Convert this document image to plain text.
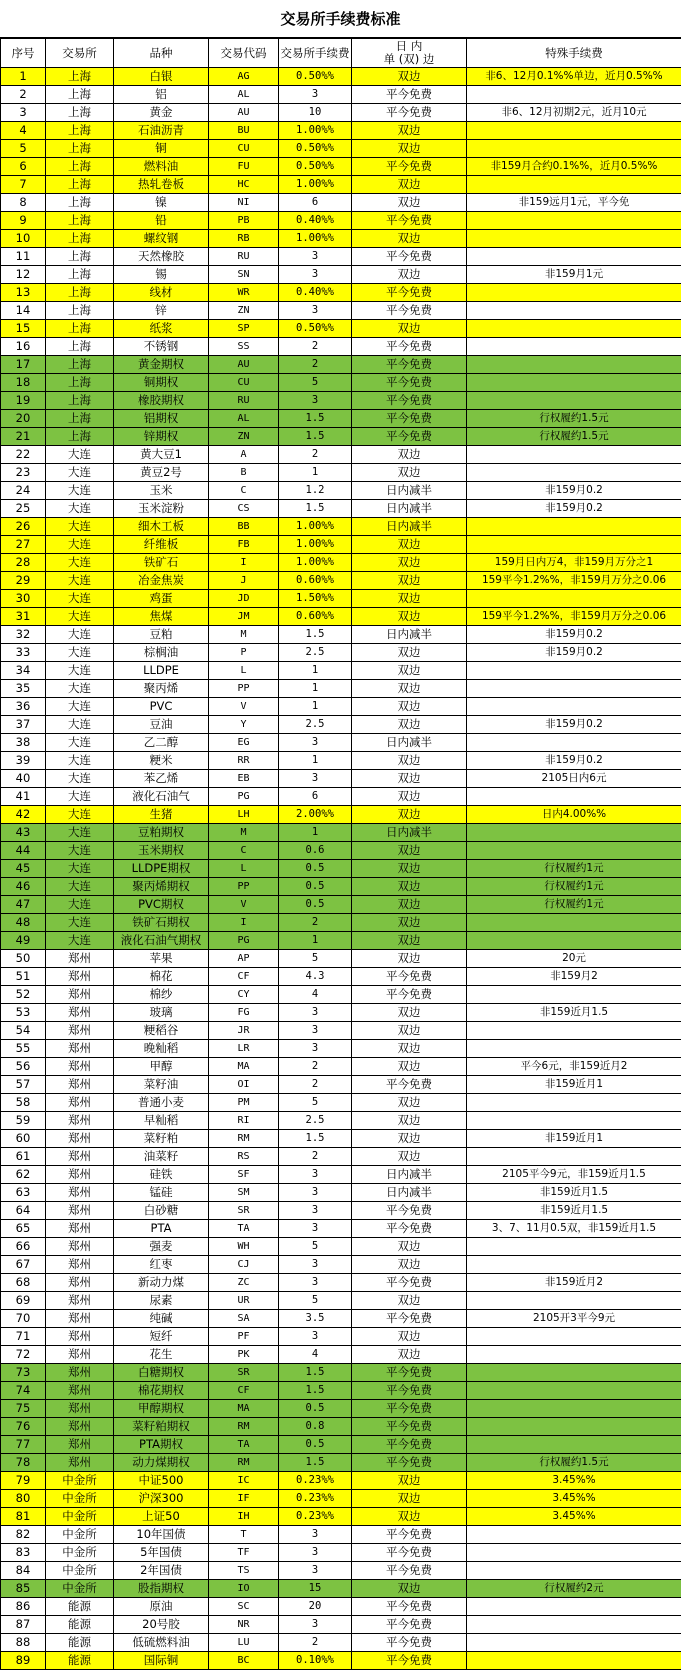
交易所手续费标准
序号	交易所	品种	交易代码	交易所手续费	日 内
单 (双) 边	特殊手续费
1	上海	白银	AG	0.50%%	双边	非6、12月0.1%%单边，近月0.5%%
2	上海	铝	AL	3	平今免费	
3	上海	黄金	AU	10	平今免费	非6、12月初期2元，近月10元
4	上海	石油沥青	BU	1.00%%	双边	
5	上海	铜	CU	0.50%%	双边	
6	上海	燃料油	FU	0.50%%	平今免费	非159月合约0.1%%，近月0.5%%
7	上海	热轧卷板	HC	1.00%%	双边	
8	上海	镍	NI	6	双边	非159远月1元，平今免
9	上海	铅	PB	0.40%%	平今免费	
10	上海	螺纹钢	RB	1.00%%	双边	
11	上海	天然橡胶	RU	3	平今免费	
12	上海	锡	SN	3	双边	非159月1元
13	上海	线材	WR	0.40%%	平今免费	
14	上海	锌	ZN	3	平今免费	
15	上海	纸浆	SP	0.50%%	双边	
16	上海	不锈钢	SS	2	平今免费	
17	上海	黄金期权	AU	2	平今免费	
18	上海	铜期权	CU	5	平今免费	
19	上海	橡胶期权	RU	3	平今免费	
20	上海	铝期权	AL	1.5	平今免费	行权履约1.5元
21	上海	锌期权	ZN	1.5	平今免费	行权履约1.5元
22	大连	黄大豆1	A	2	双边	
23	大连	黄豆2号	B	1	双边	
24	大连	玉米	C	1.2	日内减半	非159月0.2
25	大连	玉米淀粉	CS	1.5	日内减半	非159月0.2
26	大连	细木工板	BB	1.00%%	日内减半	
27	大连	纤维板	FB	1.00%%	双边	
28	大连	铁矿石	I	1.00%%	双边	159月日内万4，非159月万分之1
29	大连	冶金焦炭	J	0.60%%	双边	159平今1.2%%，非159月万分之0.06
30	大连	鸡蛋	JD	1.50%%	双边	
31	大连	焦煤	JM	0.60%%	双边	159平今1.2%%，非159月万分之0.06
32	大连	豆粕	M	1.5	日内减半	非159月0.2
33	大连	棕榈油	P	2.5	双边	非159月0.2
34	大连	LLDPE	L	1	双边	
35	大连	聚丙烯	PP	1	双边	
36	大连	PVC	V	1	双边	
37	大连	豆油	Y	2.5	双边	非159月0.2
38	大连	乙二醇	EG	3	日内减半	
39	大连	粳米	RR	1	双边	非159月0.2
40	大连	苯乙烯	EB	3	双边	2105日内6元
41	大连	液化石油气	PG	6	双边	
42	大连	生猪	LH	2.00%%	双边	日内4.00%%
43	大连	豆粕期权	M	1	日内减半	
44	大连	玉米期权	C	0.6	双边	
45	大连	LLDPE期权	L	0.5	双边	行权履约1元
46	大连	聚丙烯期权	PP	0.5	双边	行权履约1元
47	大连	PVC期权	V	0.5	双边	行权履约1元
48	大连	铁矿石期权	I	2	双边	
49	大连	液化石油气期权	PG	1	双边	
50	郑州	苹果	AP	5	双边	20元
51	郑州	棉花	CF	4.3	平今免费	非159月2
52	郑州	棉纱	CY	4	平今免费	
53	郑州	玻璃	FG	3	双边	非159近月1.5
54	郑州	粳稻谷	JR	3	双边	
55	郑州	晚籼稻	LR	3	双边	
56	郑州	甲醇	MA	2	双边	平今6元，非159近月2
57	郑州	菜籽油	OI	2	平今免费	非159近月1
58	郑州	普通小麦	PM	5	双边	
59	郑州	早籼稻	RI	2.5	双边	
60	郑州	菜籽粕	RM	1.5	双边	非159近月1
61	郑州	油菜籽	RS	2	双边	
62	郑州	硅铁	SF	3	日内减半	2105平今9元，非159近月1.5
63	郑州	锰硅	SM	3	日内减半	非159近月1.5
64	郑州	白砂糖	SR	3	平今免费	非159近月1.5
65	郑州	PTA	TA	3	平今免费	3、7、11月0.5双，非159近月1.5
66	郑州	强麦	WH	5	双边	
67	郑州	红枣	CJ	3	双边	
68	郑州	新动力煤	ZC	3	平今免费	非159近月2
69	郑州	尿素	UR	5	双边	
70	郑州	纯碱	SA	3.5	平今免费	2105开3平今9元
71	郑州	短纤	PF	3	双边	
72	郑州	花生	PK	4	双边	
73	郑州	白糖期权	SR	1.5	平今免费	
74	郑州	棉花期权	CF	1.5	平今免费	
75	郑州	甲醇期权	MA	0.5	平今免费	
76	郑州	菜籽粕期权	RM	0.8	平今免费	
77	郑州	PTA期权	TA	0.5	平今免费	
78	郑州	动力煤期权	RM	1.5	平今免费	行权履约1.5元
79	中金所	中证500	IC	0.23%%	双边	3.45%%
80	中金所	沪深300	IF	0.23%%	双边	3.45%%
81	中金所	上证50	IH	0.23%%	双边	3.45%%
82	中金所	10年国债	T	3	平今免费	
83	中金所	5年国债	TF	3	平今免费	
84	中金所	2年国债	TS	3	平今免费	
85	中金所	股指期权	IO	15	双边	行权履约2元
86	能源	原油	SC	20	平今免费	
87	能源	20号胶	NR	3	平今免费	
88	能源	低硫燃料油	LU	2	平今免费	
89	能源	国际铜	BC	0.10%%	平今免费	
